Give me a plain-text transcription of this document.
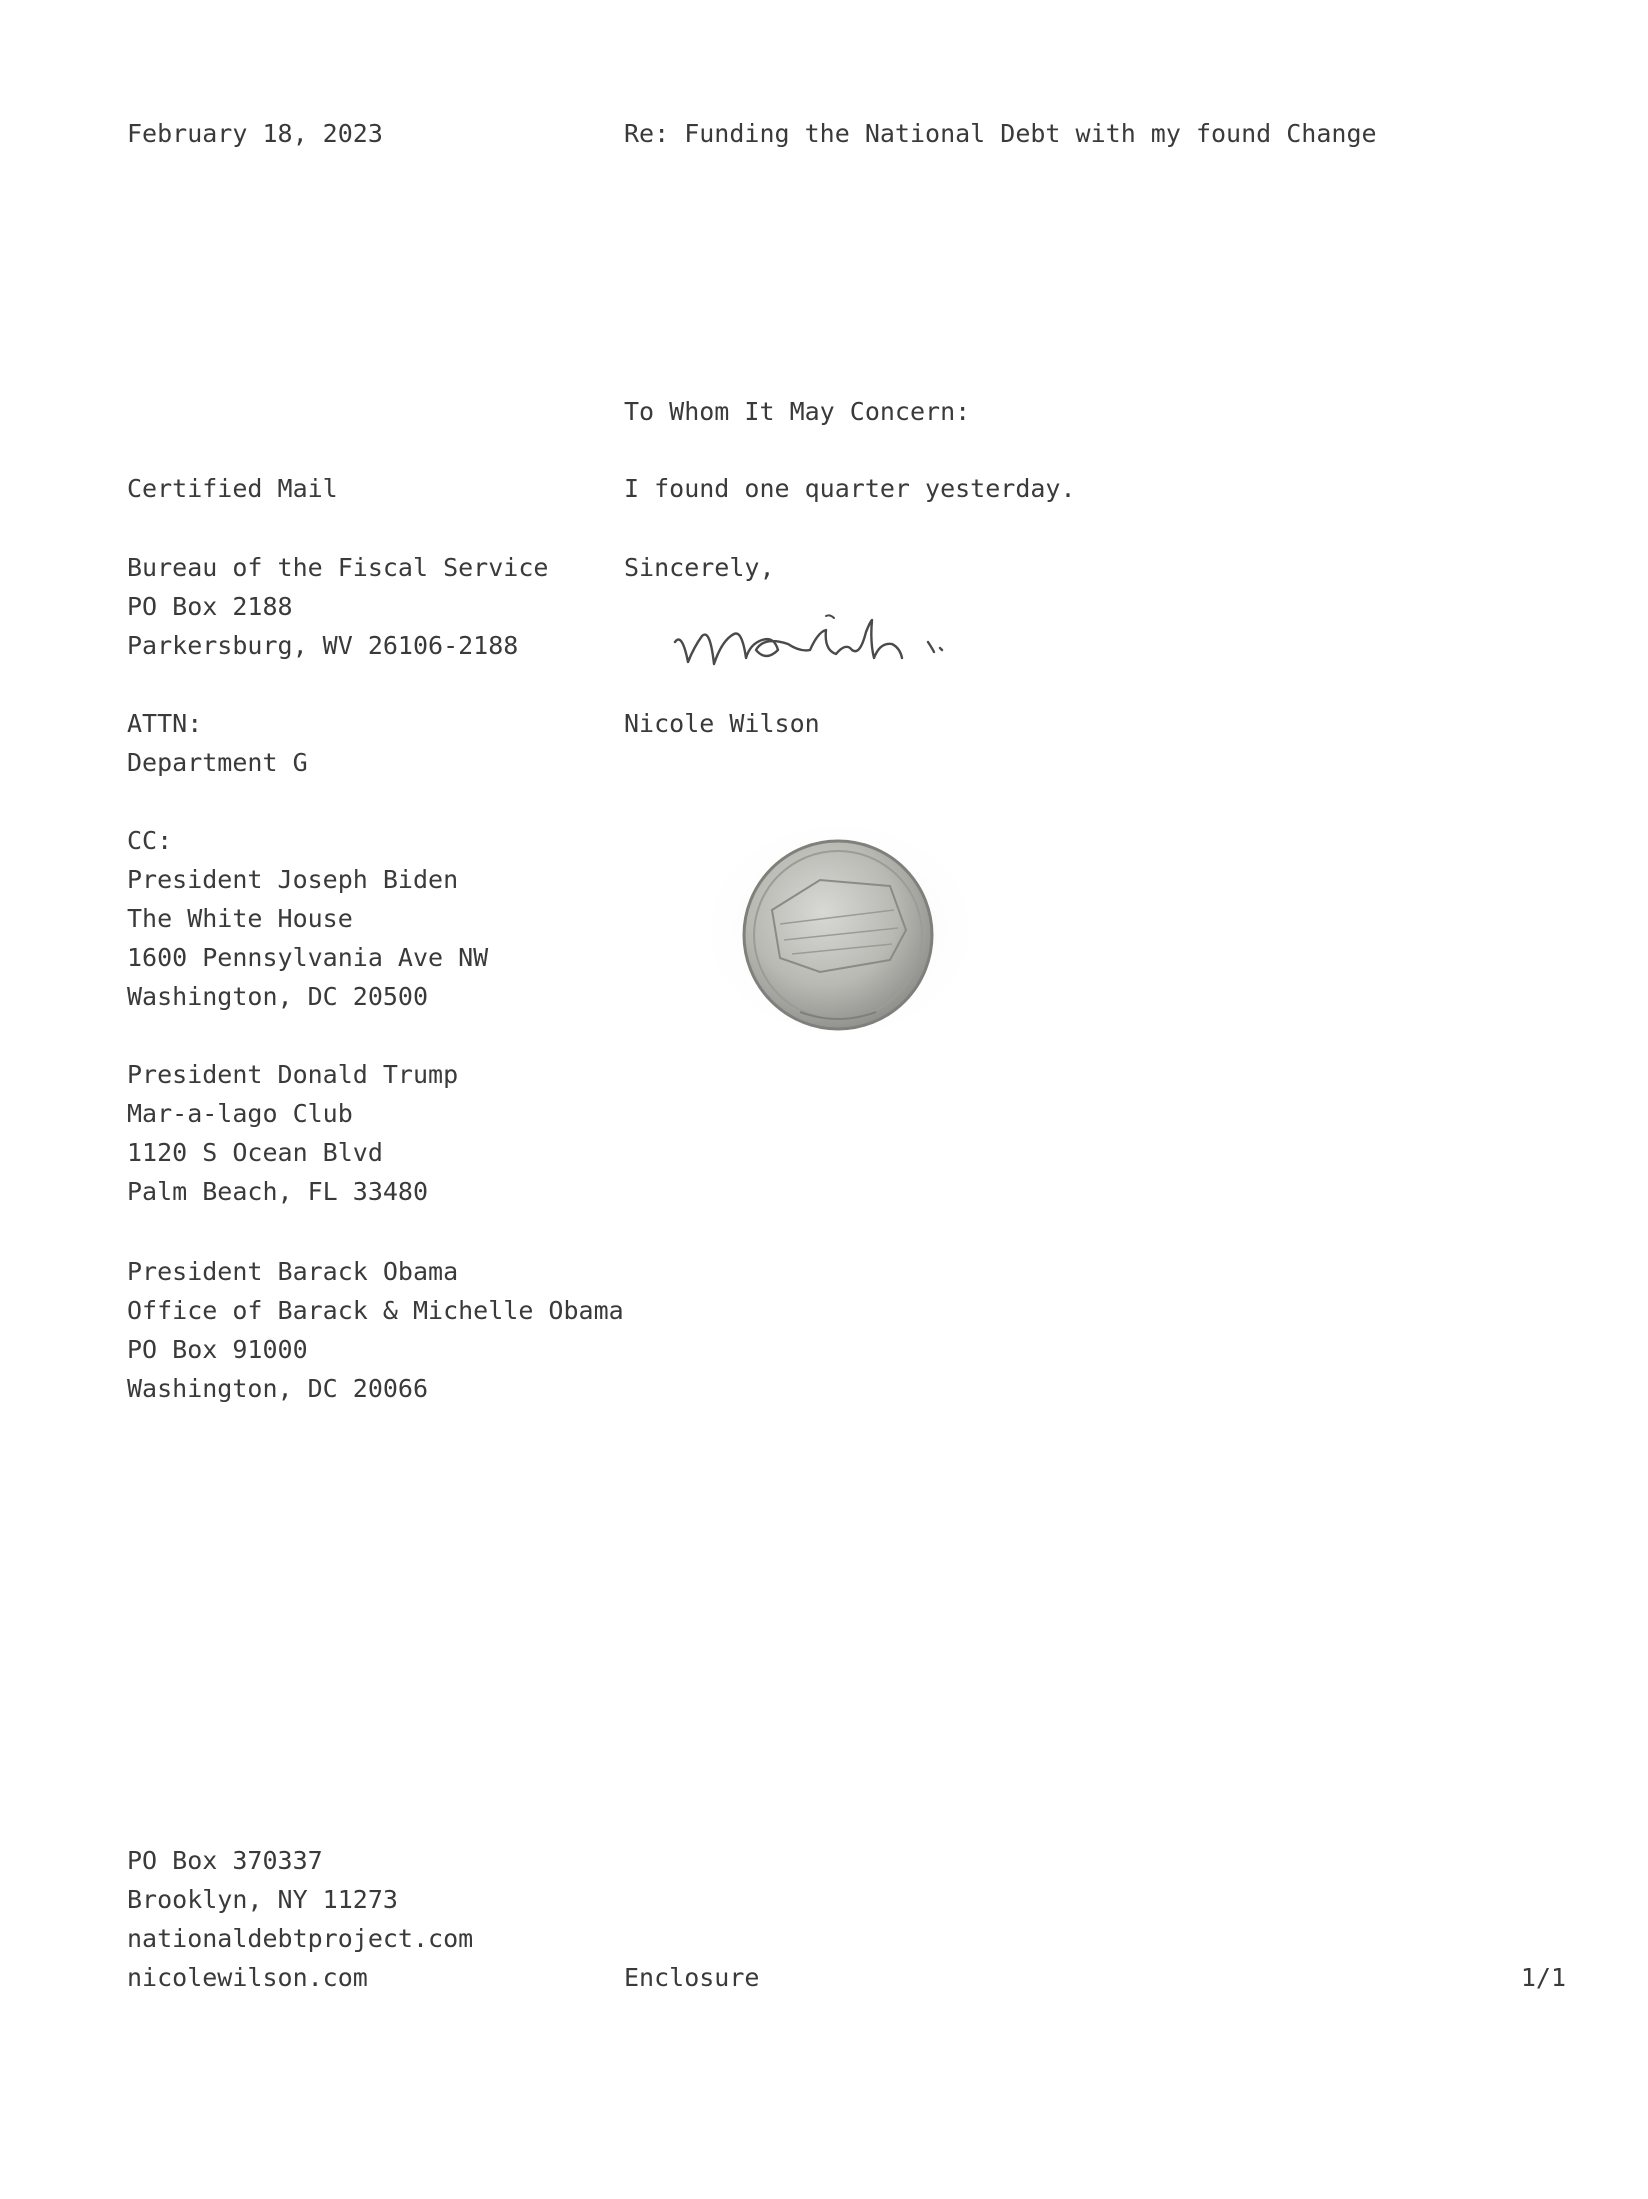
February 18, 2023	Re: Funding the National Debt with my found Change
To Whom It May Concern:
I found one quarter yesterday.
Sincerely,
Nicole Wilson
Certified Mail
Bureau of the Fiscal Service
PO Box 2188
Parkersburg, WV 26106-2188
ATTN:
Department G
CC:
President Joseph Biden
The White House
1600 Pennsylvania Ave NW
Washington, DC 20500
President Donald Trump
Mar-a-lago Club
1120 S Ocean Blvd
Palm Beach, FL 33480
President Barack Obama
Office of Barack & Michelle Obama
PO Box 91000
Washington, DC 20066
PO Box 370337
Brooklyn, NY 11273
nationaldebtproject.com
nicolewilson.com	Enclosure	1/1
